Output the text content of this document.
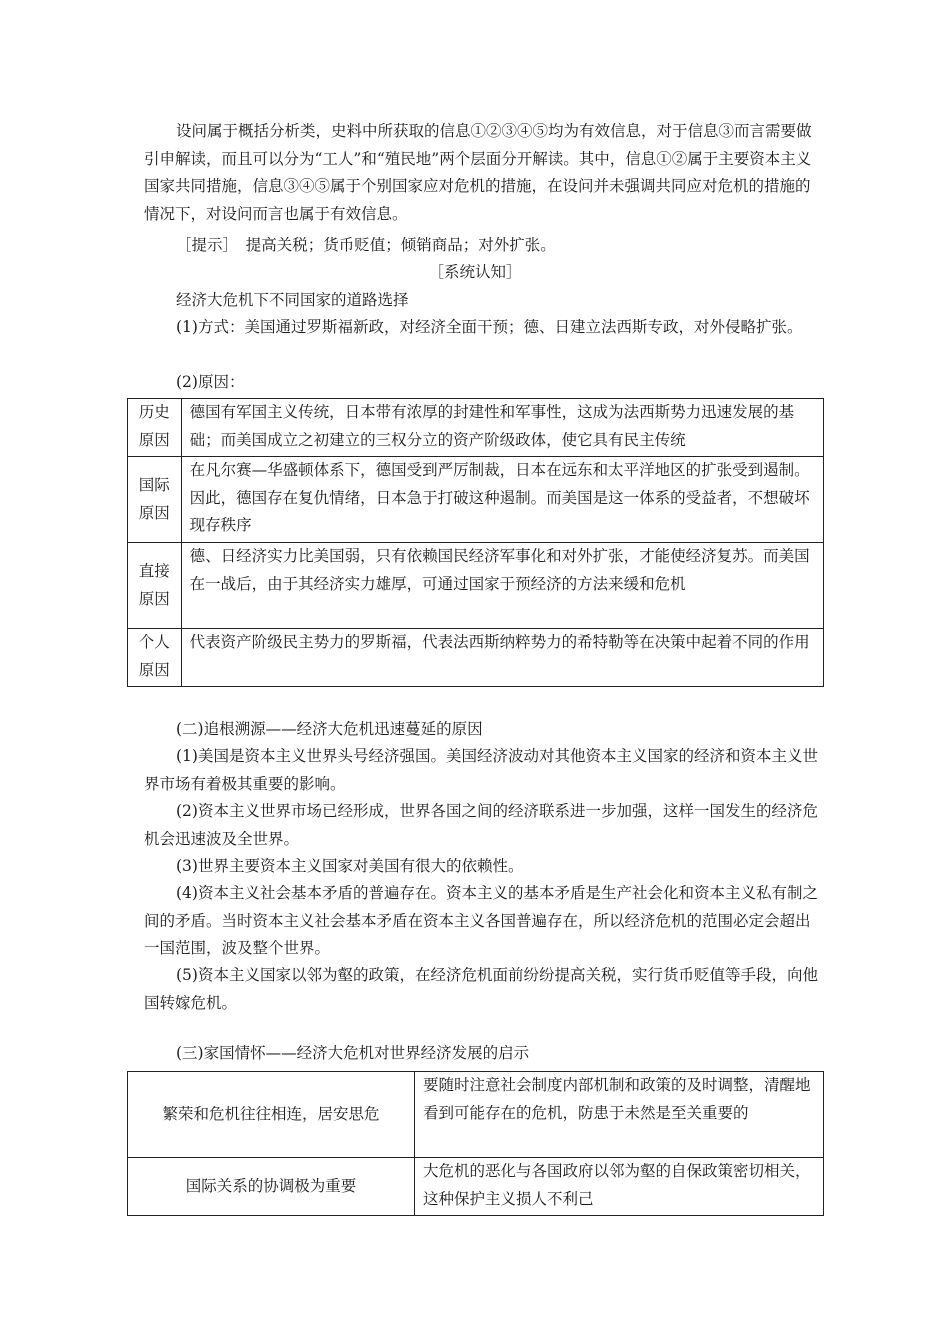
设问属于概括分析类，史料中所获取的信息①②③④⑤均为有效信息，对于信息③而言需要做引申解读，而且可以分为“工人”和“殖民地”两个层面分开解读。其中，信息①②属于主要资本主义国家共同措施，信息③④⑤属于个别国家应对危机的措施，在设问并未强调共同应对危机的措施的情况下，对设问而言也属于有效信息。

［提示］　提高关税；货币贬值；倾销商品；对外扩张。

［系统认知］

经济大危机下不同国家的道路选择

(1)方式：美国通过罗斯福新政，对经济全面干预；德、日建立法西斯专政，对外侵略扩张。

(2)原因：

历史原因	德国有军国主义传统，日本带有浓厚的封建性和军事性，这成为法西斯势力迅速发展的基础；而美国成立之初建立的三权分立的资产阶级政体，使它具有民主传统
国际原因	在凡尔赛—华盛顿体系下，德国受到严厉制裁，日本在远东和太平洋地区的扩张受到遏制。因此，德国存在复仇情绪，日本急于打破这种遏制。而美国是这一体系的受益者，不想破坏现存秩序
直接原因	德、日经济实力比美国弱，只有依赖国民经济军事化和对外扩张，才能使经济复苏。而美国在一战后，由于其经济实力雄厚，可通过国家于预经济的方法来缓和危机
个人原因	代表资产阶级民主势力的罗斯福，代表法西斯纳粹势力的希特勒等在决策中起着不同的作用

(二)追根溯源——经济大危机迅速蔓延的原因

(1)美国是资本主义世界头号经济强国。美国经济波动对其他资本主义国家的经济和资本主义世界市场有着极其重要的影响。

(2)资本主义世界市场已经形成，世界各国之间的经济联系进一步加强，这样一国发生的经济危机会迅速波及全世界。

(3)世界主要资本主义国家对美国有很大的依赖性。

(4)资本主义社会基本矛盾的普遍存在。资本主义的基本矛盾是生产社会化和资本主义私有制之间的矛盾。当时资本主义社会基本矛盾在资本主义各国普遍存在，所以经济危机的范围必定会超出一国范围，波及整个世界。

(5)资本主义国家以邻为壑的政策，在经济危机面前纷纷提高关税，实行货币贬值等手段，向他国转嫁危机。

(三)家国情怀——经济大危机对世界经济发展的启示

繁荣和危机往往相连，居安思危	要随时注意社会制度内部机制和政策的及时调整，清醒地看到可能存在的危机，防患于未然是至关重要的
国际关系的协调极为重要	大危机的恶化与各国政府以邻为壑的自保政策密切相关，这种保护主义损人不利己
